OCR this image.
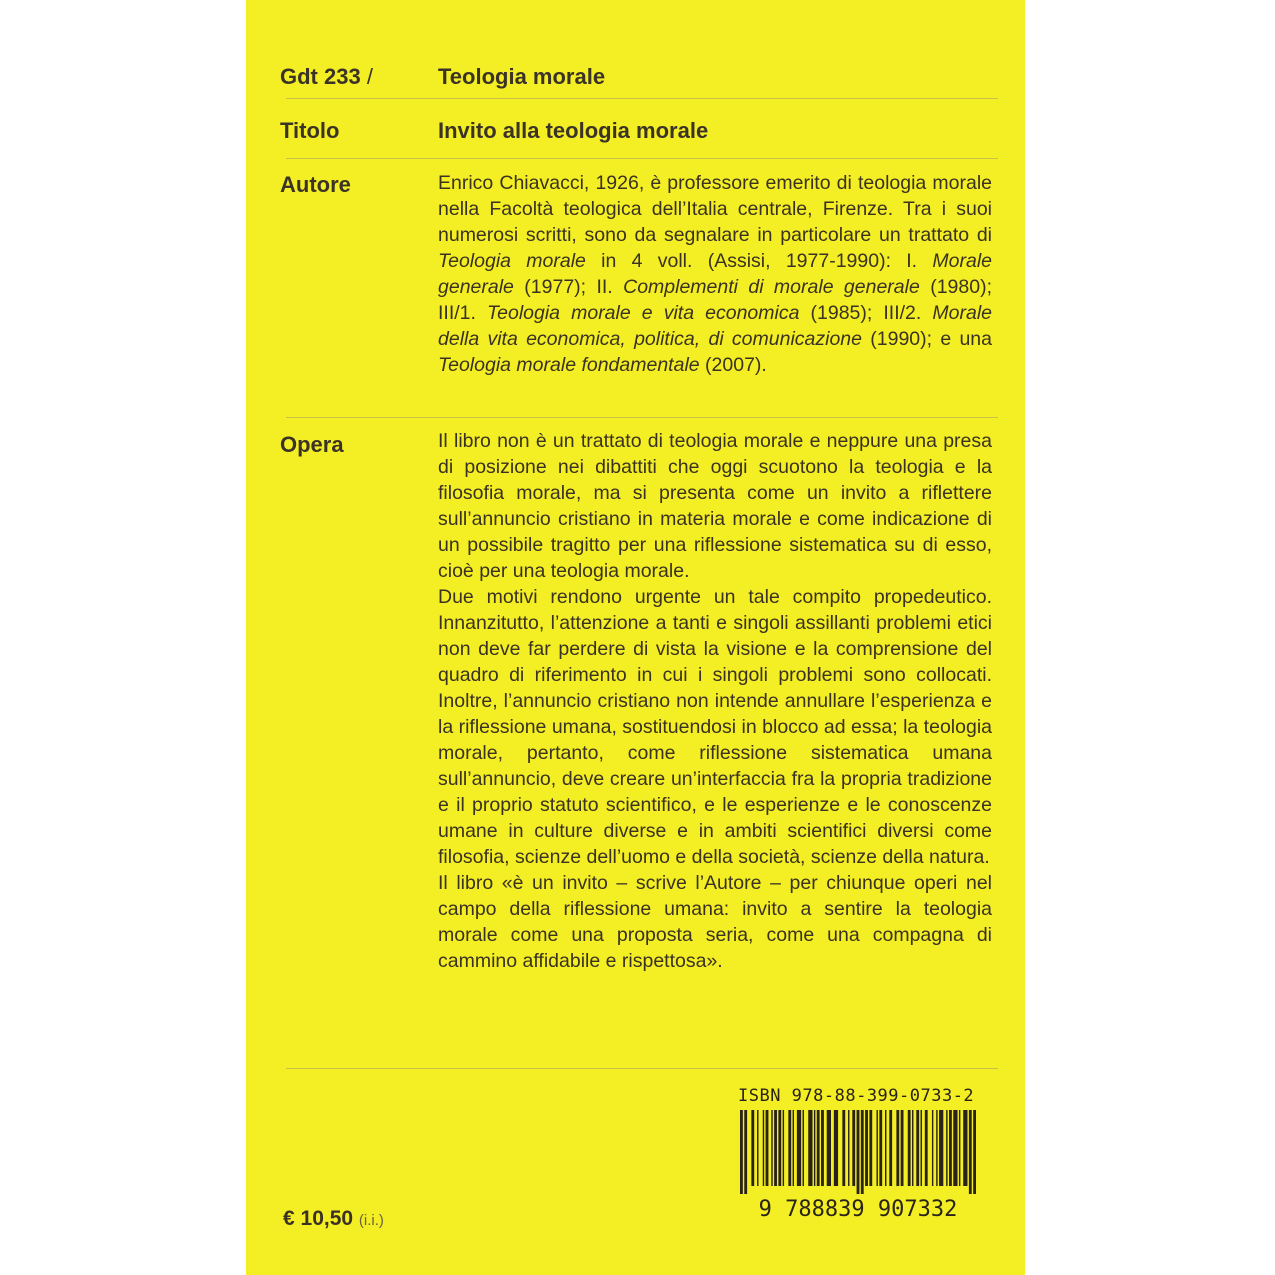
Gdt 233 /	Teologia morale
Titolo	Invito alla teologia morale
Autore	Enrico Chiavacci, 1926, è professore emerito di teologia morale nella Facoltà teologica dell’Italia centrale, Firenze. Tra i suoi numerosi scritti, sono da segnalare in particolare un trattato di Teologia morale in 4 voll. (Assisi, 1977-1990): I. Morale generale (1977); II. Complementi di morale generale (1980); III/1. Teologia morale e vita economica (1985); III/2. Morale della vita economica, politica, di comunicazione (1990); e una Teologia morale fondamentale (2007).
Opera	Il libro non è un trattato di teologia morale e neppure una presa di posizione nei dibattiti che oggi scuotono la teologia e la filosofia morale, ma si presenta come un invito a riflettere sull’annuncio cristiano in materia morale e come indicazione di un possibile tragitto per una riflessione sistematica su di esso, cioè per una teologia morale.

Due motivi rendono urgente un tale compito propedeutico. Innanzitutto, l’attenzione a tanti e singoli assillanti problemi etici non deve far perdere di vista la visione e la comprensione del quadro di riferimento in cui i singoli problemi sono collocati. Inoltre, l’annuncio cristiano non intende annullare l’esperienza e la riflessione umana, sostituendosi in blocco ad essa; la teologia morale, pertanto, come riflessione sistematica umana sull’annuncio, deve creare un’interfaccia fra la propria tradizione e il proprio statuto scientifico, e le esperienze e le conoscenze umane in culture diverse e in ambiti scientifici diversi come filosofia, scienze dell’uomo e della società, scienze della natura.

Il libro «è un invito – scrive l’Autore – per chiunque operi nel campo della riflessione umana: invito a sentire la teologia morale come una proposta seria, come una compagna di cammino affidabile e rispettosa».

ISBN 978-88-399-0733-2
9 788839 907332
€ 10,50 (i.i.)
